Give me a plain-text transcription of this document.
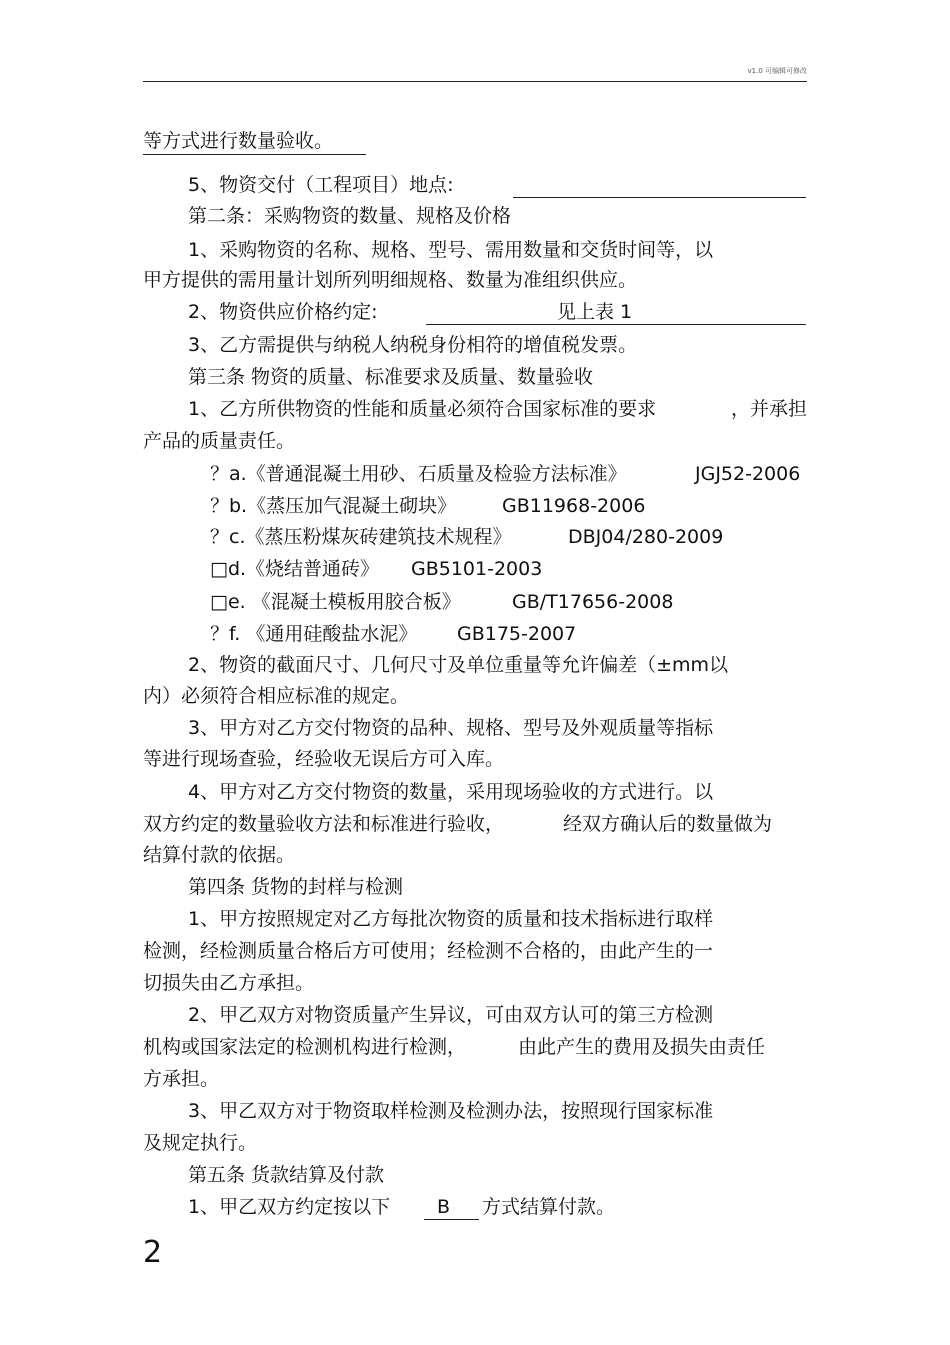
v1.0 可编辑可修改
等方式进行数量验收。
5、物资交付（工程项目）地点:
第二条：采购物资的数量、规格及价格
1、采购物资的名称、规格、型号、需用数量和交货时间等，以
甲方提供的需用量计划所列明细规格、数量为准组织供应。
2、物资供应价格约定:	见上表 1
3、乙方需提供与纳税人纳税身份相符的增值税发票。
第三条 物资的质量、标准要求及质量、数量验收
1、乙方所供物资的性能和质量必须符合国家标准的要求	，并承担
产品的质量责任。
？a.《普通混凝土用砂、石质量及检验方法标准》	JGJ52-2006
？b.《蒸压加气混凝土砌块》 GB11968-2006
？c.《蒸压粉煤灰砖建筑技术规程》	DBJ04/280-2009
□d.《烧结普通砖》 GB5101-2003
□e. 《混凝土模板用胶合板》	GB/T17656-2008
？f. 《通用硅酸盐水泥》 GB175-2007
2、物资的截面尺寸、几何尺寸及单位重量等允许偏差（±mm以
内）必须符合相应标准的规定。
3、甲方对乙方交付物资的品种、规格、型号及外观质量等指标
等进行现场查验，经验收无误后方可入库。
4、甲方对乙方交付物资的数量，采用现场验收的方式进行。以
双方约定的数量验收方法和标准进行验收，	经双方确认后的数量做为
结算付款的依据。
第四条 货物的封样与检测
1、甲方按照规定对乙方每批次物资的质量和技术指标进行取样
检测，经检测质量合格后方可使用；经检测不合格的，由此产生的一
切损失由乙方承担。
2、甲乙双方对物资质量产生异议，可由双方认可的第三方检测
机构或国家法定的检测机构进行检测，	由此产生的费用及损失由责任
方承担。
3、甲乙双方对于物资取样检测及检测办法，按照现行国家标准
及规定执行。
第五条 货款结算及付款
1、甲乙双方约定按以下 B 方式结算付款。
2
